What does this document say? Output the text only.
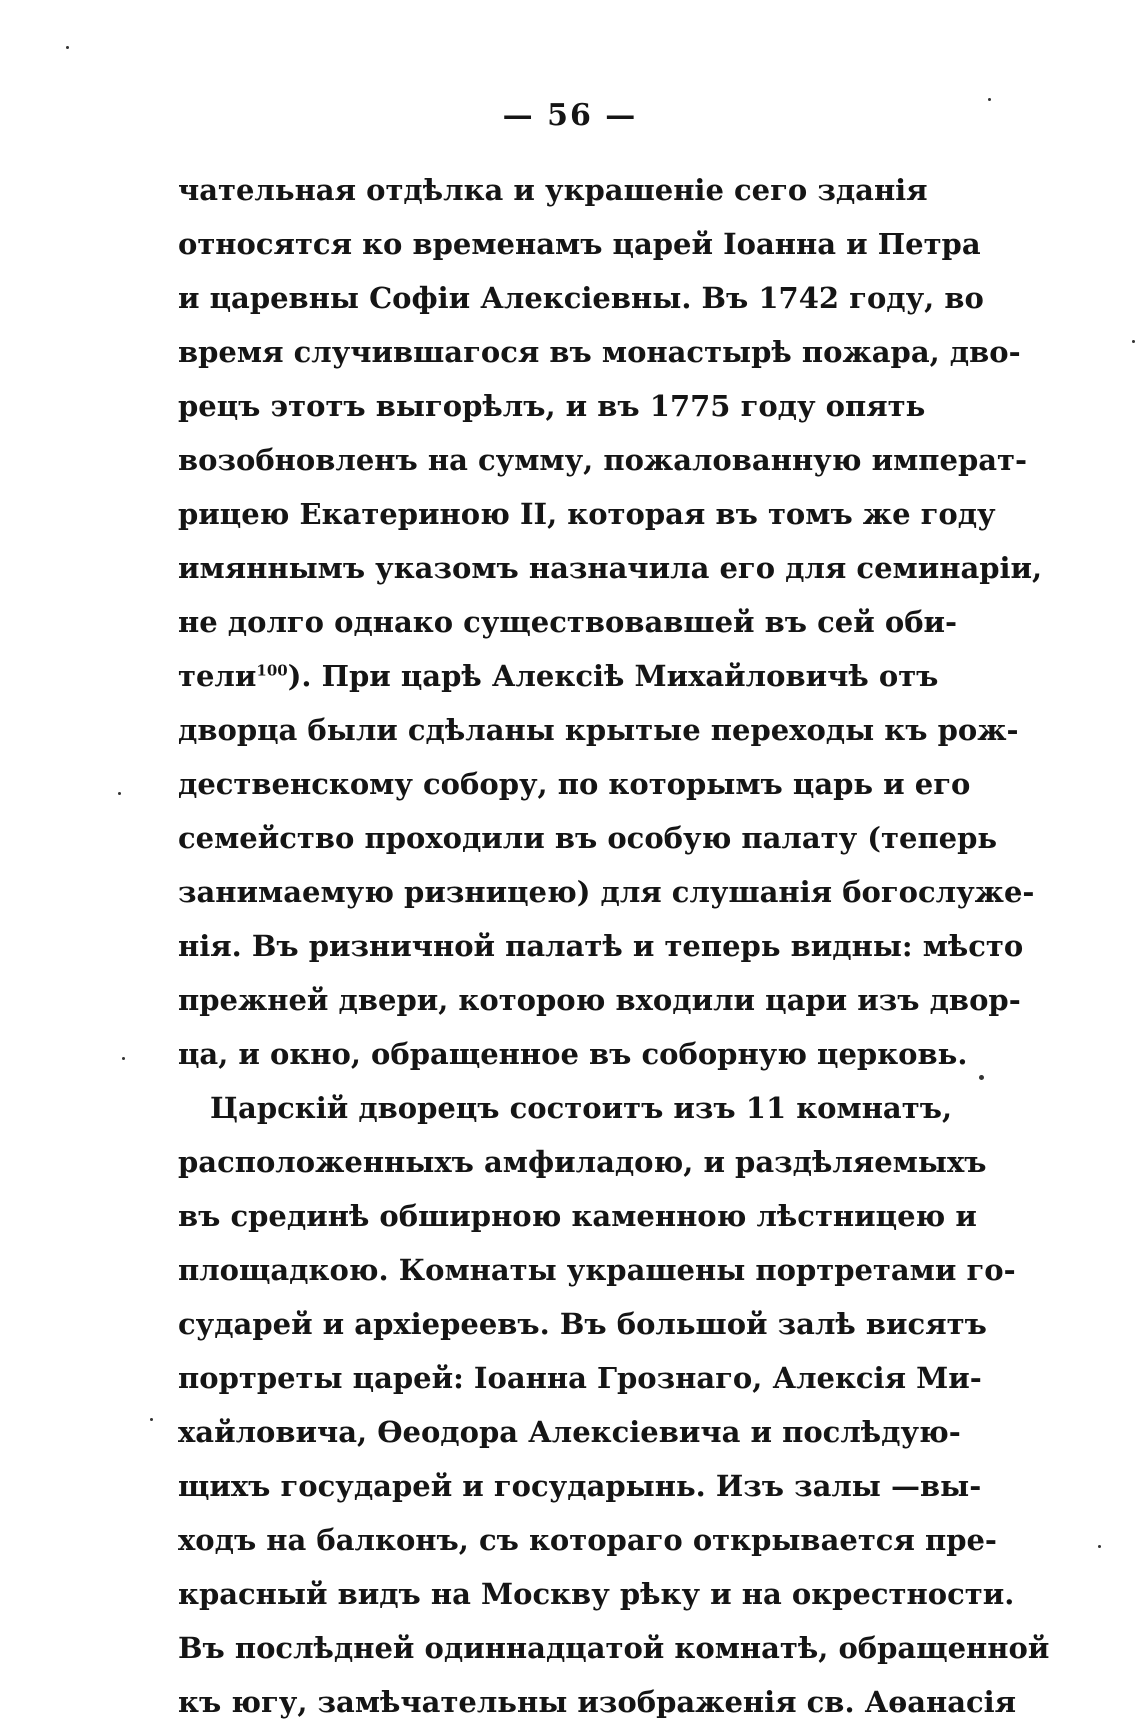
— 56 —
чательная отдѣлка и украшеніе сего зданія
относятся ко временамъ царей Іоанна и Петра
и царевны Софіи Алексіевны. Въ 1742 году, во
время случившагося въ монастырѣ пожара, дво-
рецъ этотъ выгорѣлъ, и въ 1775 году опять
возобновленъ на сумму, пожалованную императ-
рицею Екатериною II, которая въ томъ же году
имяннымъ указомъ назначила его для семинаріи,
не долго однако существовавшей въ сей оби-
тели$^{100}$). При царѣ Алексіѣ Михайловичѣ отъ
дворца были сдѣланы крытые переходы къ рож-
дественскому собору, по которымъ царь и его
семейство проходили въ особую палату (теперь
занимаемую ризницею) для слушанія богослуже-
нія. Въ ризничной палатѣ и теперь видны: мѣсто
прежней двери, которою входили цари изъ двор-
ца, и окно, обращенное въ соборную церковь.
Царскій дворецъ состоитъ изъ 11 комнатъ,
расположенныхъ амфиладою, и раздѣляемыхъ
въ срединѣ обширною каменною лѣстницею и
площадкою. Комнаты украшены портретами го-
сударей и архіереевъ. Въ большой залѣ висятъ
портреты царей: Іоанна Грознаго, Алексія Ми-
хайловича, Ѳеодора Алексіевича и послѣдую-
щихъ государей и государынь. Изъ залы —вы-
ходъ на балконъ, съ котораго открывается пре-
красный видъ на Москву рѣку и на окрестности.
Въ послѣдней одиннадцатой комнатѣ, обращенной
къ югу, замѣчательны изображенія св. Аѳанасія
